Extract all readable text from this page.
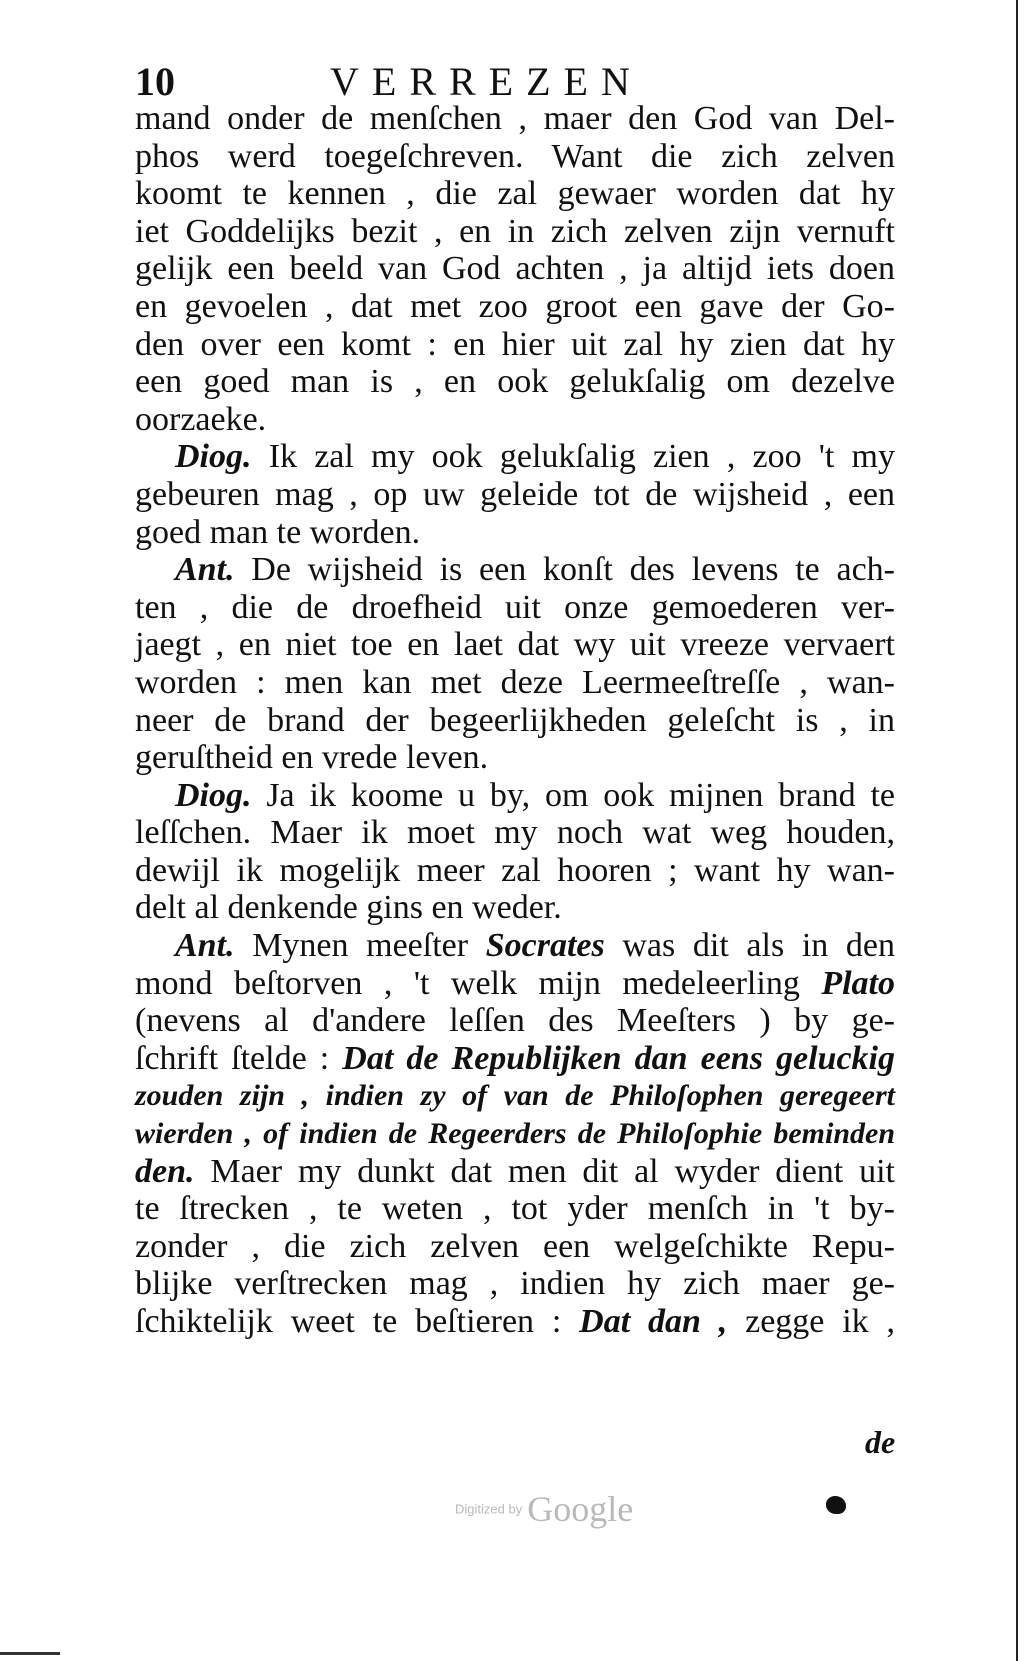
10	VERREZEN
mand onder de menſchen , maer den God van Del-
phos werd toegeſchreven. Want die zich zelven
koomt te kennen , die zal gewaer worden dat hy
iet Goddelijks bezit , en in zich zelven zijn vernuft
gelijk een beeld van God achten , ja altijd iets doen
en gevoelen , dat met zoo groot een gave der Go-
den over een komt : en hier uit zal hy zien dat hy
een goed man is , en ook gelukſalig om dezelve
oorzaeke.
Diog. Ik zal my ook gelukſalig zien , zoo 't my
gebeuren mag , op uw geleide tot de wijsheid , een
goed man te worden.
Ant. De wijsheid is een konſt des levens te ach-
ten , die de droefheid uit onze gemoederen ver-
jaegt , en niet toe en laet dat wy uit vreeze vervaert
worden : men kan met deze Leermeeſtreſſe , wan-
neer de brand der begeerlijkheden geleſcht is , in
geruſtheid en vrede leven.
Diog. Ja ik koome u by, om ook mijnen brand te
leſſchen. Maer ik moet my noch wat weg houden,
dewijl ik mogelijk meer zal hooren ; want hy wan-
delt al denkende gins en weder.
Ant. Mynen meeſter Socrates was dit als in den
mond beſtorven , 't welk mijn medeleerling Plato
(nevens al d'andere leſſen des Meeſters ) by ge-
ſchrift ſtelde : Dat de Republijken dan eens geluckig
zouden zijn , indien zy of van de Philoſophen geregeert
wierden , of indien de Regeerders de Philoſophie beminden
den. Maer my dunkt dat men dit al wyder dient uit
te ſtrecken , te weten , tot yder menſch in 't by-
zonder , die zich zelven een welgeſchikte Repu-
blijke verſtrecken mag , indien hy zich maer ge-
ſchiktelijk weet te beſtieren : Dat dan , zegge ik ,
de
Digitized by Google
